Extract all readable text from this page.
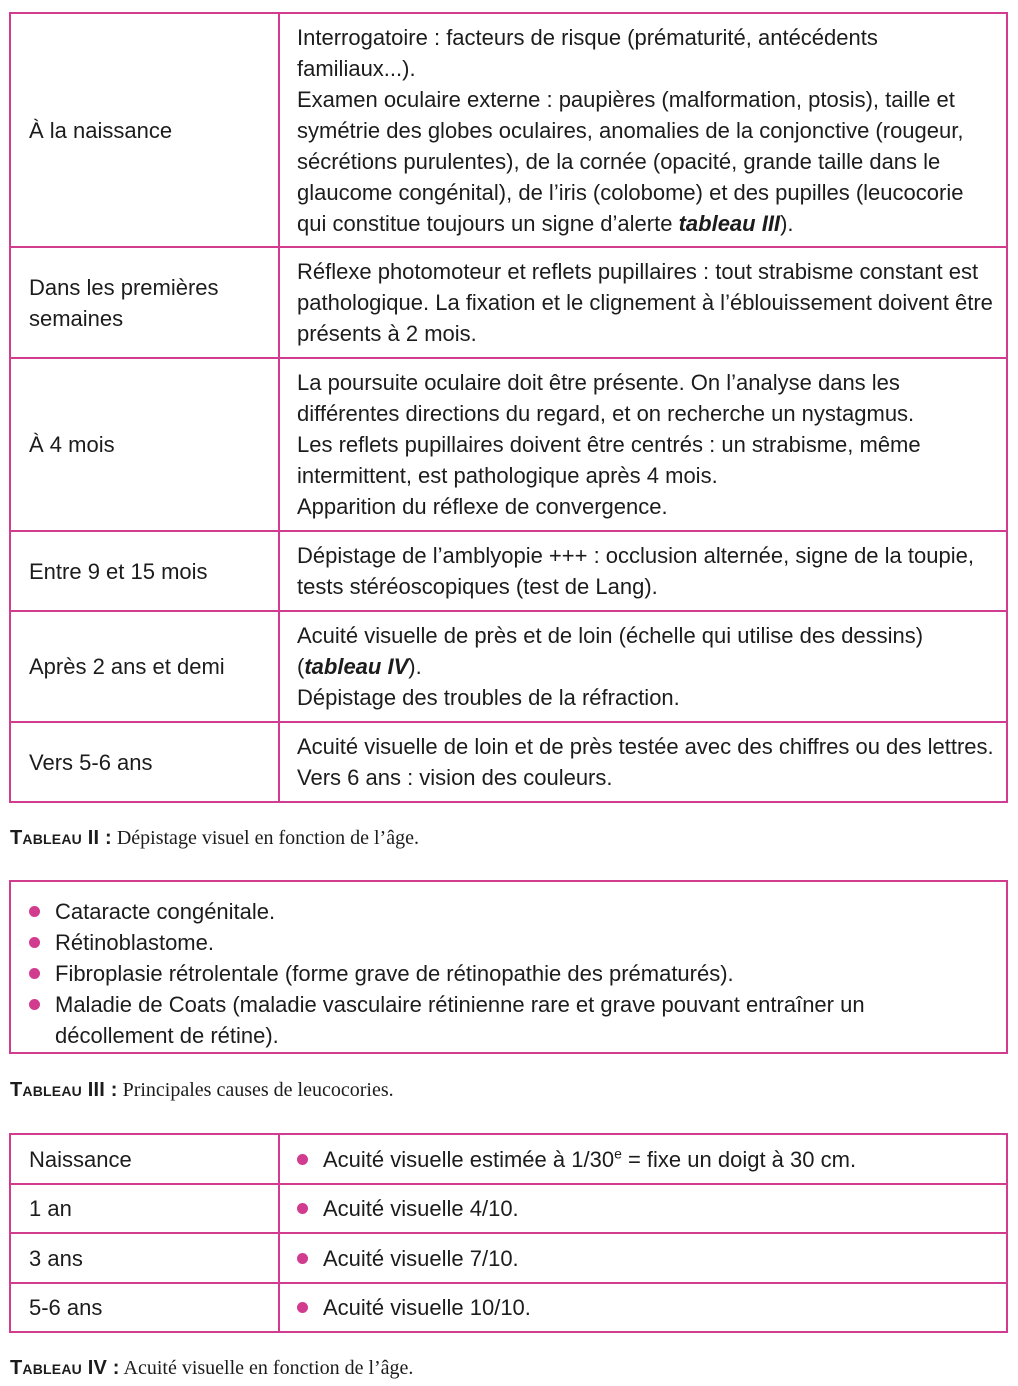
À la naissance	Interrogatoire : facteurs de risque (prématurité, antécédents familiaux...).
Examen oculaire externe : paupières (malformation, ptosis), taille et symétrie des globes oculaires, anomalies de la conjonctive (rougeur, sécrétions purulentes), de la cornée (opacité, grande taille dans le glaucome congénital), de l’iris (colobome) et des pupilles (leucocorie qui constitue toujours un signe d’alerte tableau III).

Dans les premières semaines	Réflexe photomoteur et reflets pupillaires : tout strabisme constant est pathologique. La fixation et le clignement à l’éblouissement doivent être présents à 2 mois.

À 4 mois	La poursuite oculaire doit être présente. On l’analyse dans les différentes directions du regard, et on recherche un nystagmus.
Les reflets pupillaires doivent être centrés : un strabisme, même intermittent, est pathologique après 4 mois.
Apparition du réflexe de convergence.

Entre 9 et 15 mois	Dépistage de l’amblyopie +++ : occlusion alternée, signe de la toupie, tests stéréoscopiques (test de Lang).

Après 2 ans et demi	Acuité visuelle de près et de loin (échelle qui utilise des dessins) (tableau IV).
Dépistage des troubles de la réfraction.

Vers 5-6 ans	Acuité visuelle de loin et de près testée avec des chiffres ou des lettres.
Vers 6 ans : vision des couleurs.
Tableau II : Dépistage visuel en fonction de l’âge.
Cataracte congénitale.
Rétinoblastome.
Fibroplasie rétrolentale (forme grave de rétinopathie des prématurés).
Maladie de Coats (maladie vasculaire rétinienne rare et grave pouvant entraîner un décollement de rétine).
Tableau III : Principales causes de leucocories.
Naissance	Acuité visuelle estimée à $1/30^e$ = fixe un doigt à 30 cm.

1 an	Acuité visuelle 4/10.

3 ans	Acuité visuelle 7/10.

5-6 ans	Acuité visuelle 10/10.
Tableau IV : Acuité visuelle en fonction de l’âge.
